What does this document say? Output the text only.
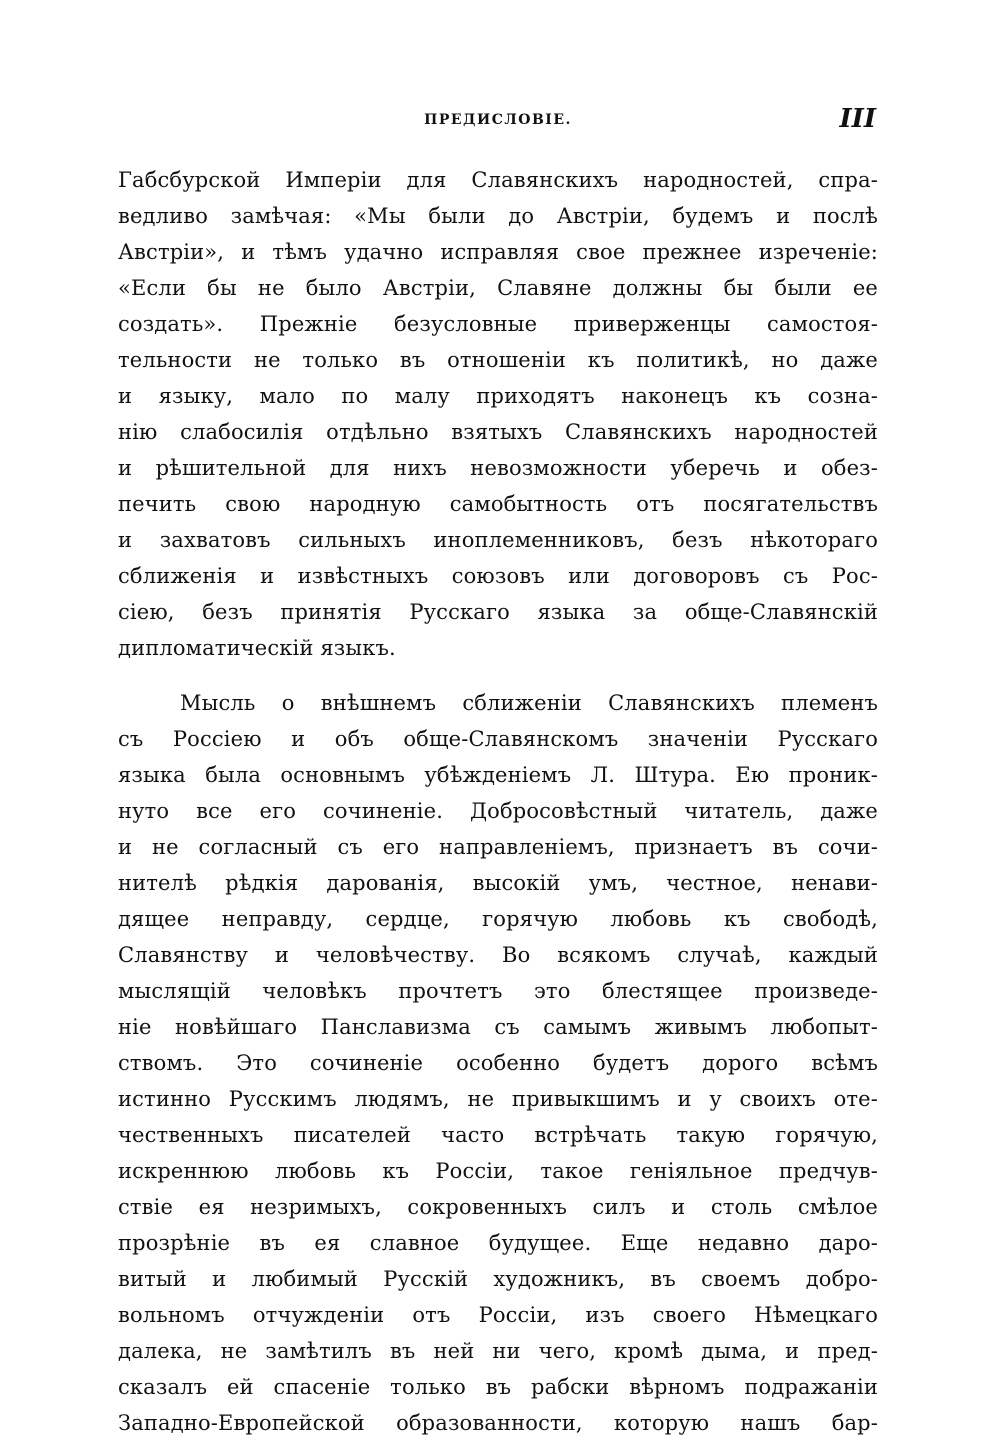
ПРЕДИСЛОВІЕ.	III
Габсбурской Имперіи для Славянскихъ народностей, спра-
ведливо замѣчая: «Мы были до Австріи, будемъ и послѣ
Австріи», и тѣмъ удачно исправляя свое прежнее изреченіе:
«Если бы не было Австріи, Славяне должны бы были ее
создать». Прежніе безусловные приверженцы самостоя-
тельности не только въ отношеніи къ политикѣ, но даже
и языку, мало по малу приходятъ наконецъ къ созна-
нію слабосилія отдѣльно взятыхъ Славянскихъ народностей
и рѣшительной для нихъ невозможности уберечь и обез-
печить свою народную самобытность отъ посягательствъ
и захватовъ сильныхъ иноплеменниковъ, безъ нѣкотораго
сближенія и извѣстныхъ союзовъ или договоровъ съ Рос-
сіею, безъ принятія Русскаго языка за обще-Славянскій
дипломатическій языкъ.
Мысль о внѣшнемъ сближеніи Славянскихъ племенъ
съ Россіею и объ обще-Славянскомъ значеніи Русскаго
языка была основнымъ убѣжденіемъ Л. Штура. Ею проник-
нуто все его сочиненіе. Добросовѣстный читатель, даже
и не согласный съ его направленіемъ, признаетъ въ сочи-
нителѣ рѣдкія дарованія, высокій умъ, честное, ненави-
дящее неправду, сердце, горячую любовь къ свободѣ,
Славянству и человѣчеству. Во всякомъ случаѣ, каждый
мыслящій человѣкъ прочтетъ это блестящее произведе-
ніе новѣйшаго Панславизма съ самымъ живымъ любопыт-
ствомъ. Это сочиненіе особенно будетъ дорого всѣмъ
истинно Русскимъ людямъ, не привыкшимъ и у своихъ оте-
чественныхъ писателей часто встрѣчать такую горячую,
искреннюю любовь къ Россіи, такое геніяльное предчув-
ствіе ея незримыхъ, сокровенныхъ силъ и столь смѣлое
прозрѣніе въ ея славное будущее. Еще недавно даро-
витый и любимый Русскій художникъ, въ своемъ добро-
вольномъ отчужденіи отъ Россіи, изъ своего Нѣмецкаго
далека, не замѣтилъ въ ней ни чего, кромѣ дыма, и пред-
сказалъ ей спасеніе только въ рабски вѣрномъ подражаніи
Западно-Европейской образованности, которую нашъ бар-
